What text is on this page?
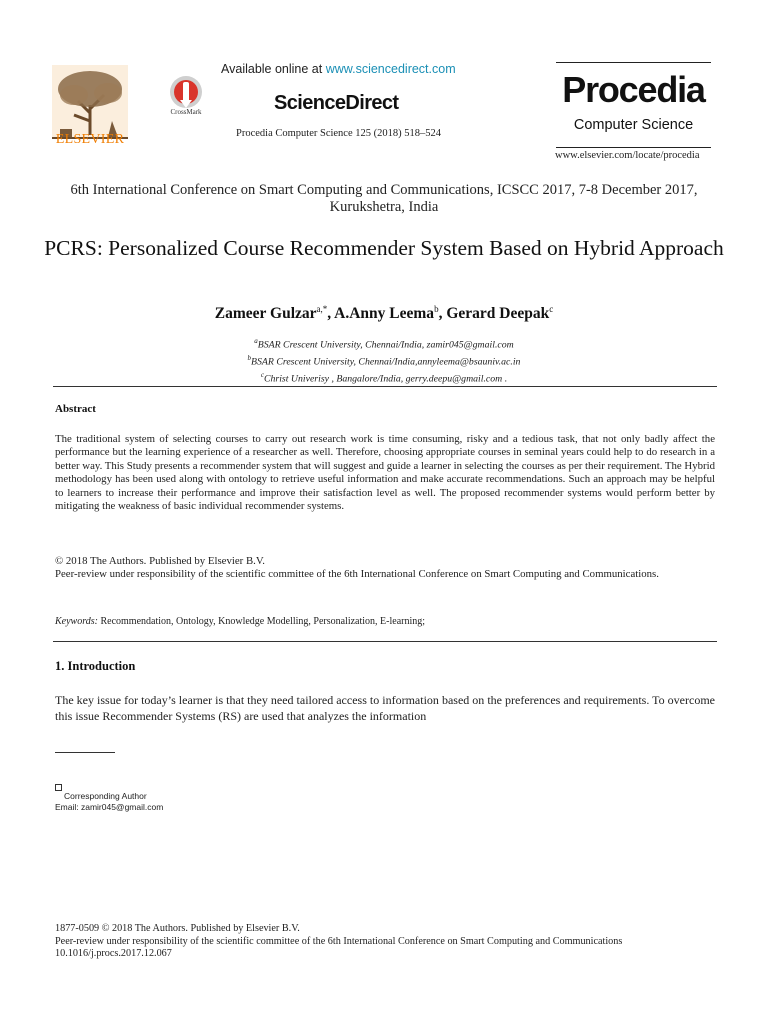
ELSEVIER
CrossMark
Available online at www.sciencedirect.com
ScienceDirect
Procedia Computer Science 125 (2018) 518–524
Procedia
Computer Science
www.elsevier.com/locate/procedia
6th International Conference on Smart Computing and Communications, ICSCC 2017, 7-8 December 2017, Kurukshetra, India
PCRS: Personalized Course Recommender System Based on Hybrid Approach
Zameer Gulzar$^{a,*}$, A.Anny Leema$^b$, Gerard Deepak$^c$
$^a$BSAR Crescent University, Chennai/India, zamir045@gmail.com
$^b$BSAR Crescent University, Chennai/India,annyleema@bsauniv.ac.in
$^c$Christ Univerisy , Bangalore/India, gerry.deepu@gmail.com .
Abstract
The traditional system of selecting courses to carry out research work is time consuming, risky and a tedious task, that not only badly affect the performance but the learning experience of a researcher as well. Therefore, choosing appropriate courses in seminal years could help to do research in a better way. This Study presents a recommender system that will suggest and guide a learner in selecting the courses as per their requirement. The Hybrid methodology has been used along with ontology to retrieve useful information and make accurate recommendations. Such an approach may be helpful to learners to increase their performance and improve their satisfaction level as well. The proposed recommender systems would perform better by mitigating the weakness of basic individual recommender systems.
© 2018 The Authors. Published by Elsevier B.V.
Peer-review under responsibility of the scientific committee of the 6th International Conference on Smart Computing and Communications.
Keywords: Recommendation, Ontology, Knowledge Modelling, Personalization, E-learning;
1. Introduction
The key issue for today’s learner is that they need tailored access to information based on the preferences and requirements. To overcome this issue Recommender Systems (RS) are used that analyzes the information
Corresponding Author
Email: zamir045@gmail.com
1877-0509 © 2018 The Authors. Published by Elsevier B.V.
Peer-review under responsibility of the scientific committee of the 6th International Conference on Smart Computing and Communications
10.1016/j.procs.2017.12.067
